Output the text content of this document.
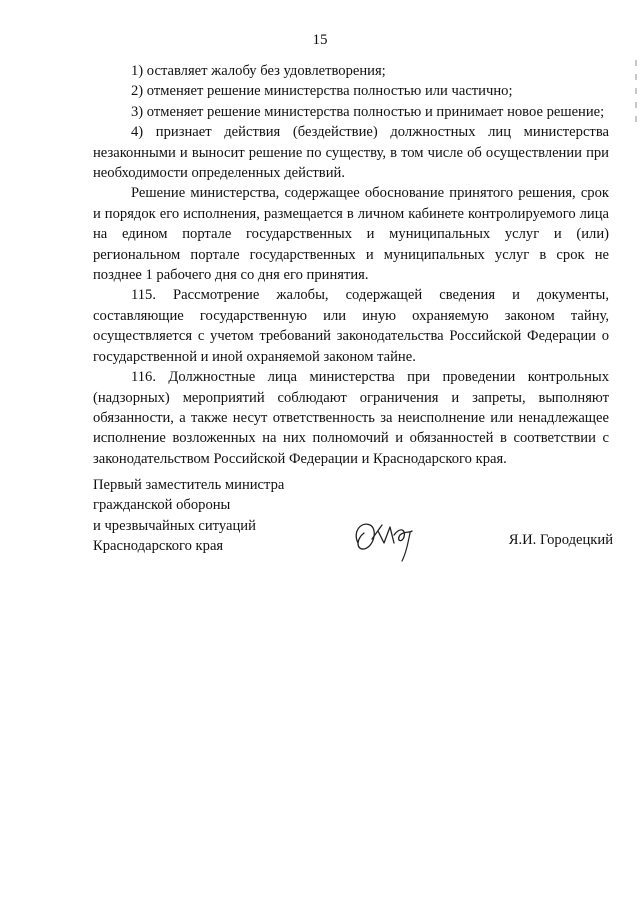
15

1) оставляет жалобу без удовлетворения;

2) отменяет решение министерства полностью или частично;

3) отменяет решение министерства полностью и принимает новое решение;

4) признает действия (бездействие) должностных лиц министерства незаконными и выносит решение по существу, в том числе об осуществлении при необходимости определенных действий.

Решение министерства, содержащее обоснование принятого решения, срок и порядок его исполнения, размещается в личном кабинете контролируемого лица на едином портале государственных и муниципальных услуг и (или) региональном портале государственных и муниципальных услуг в срок не позднее 1 рабочего дня со дня его принятия.

115. Рассмотрение жалобы, содержащей сведения и документы, составляющие государственную или иную охраняемую законом тайну, осуществляется с учетом требований законодательства Российской Федерации о государственной и иной охраняемой законом тайне.

116. Должностные лица министерства при проведении контрольных (надзорных) мероприятий соблюдают ограничения и запреты, выполняют обязанности, а также несут ответственность за неисполнение или ненадлежащее исполнение возложенных на них полномочий и обязанностей в соответствии с законодательством Российской Федерации и Краснодарского края.

Первый заместитель министра
гражданской обороны
и чрезвычайных ситуаций
Краснодарского края	Я.И. Городецкий
